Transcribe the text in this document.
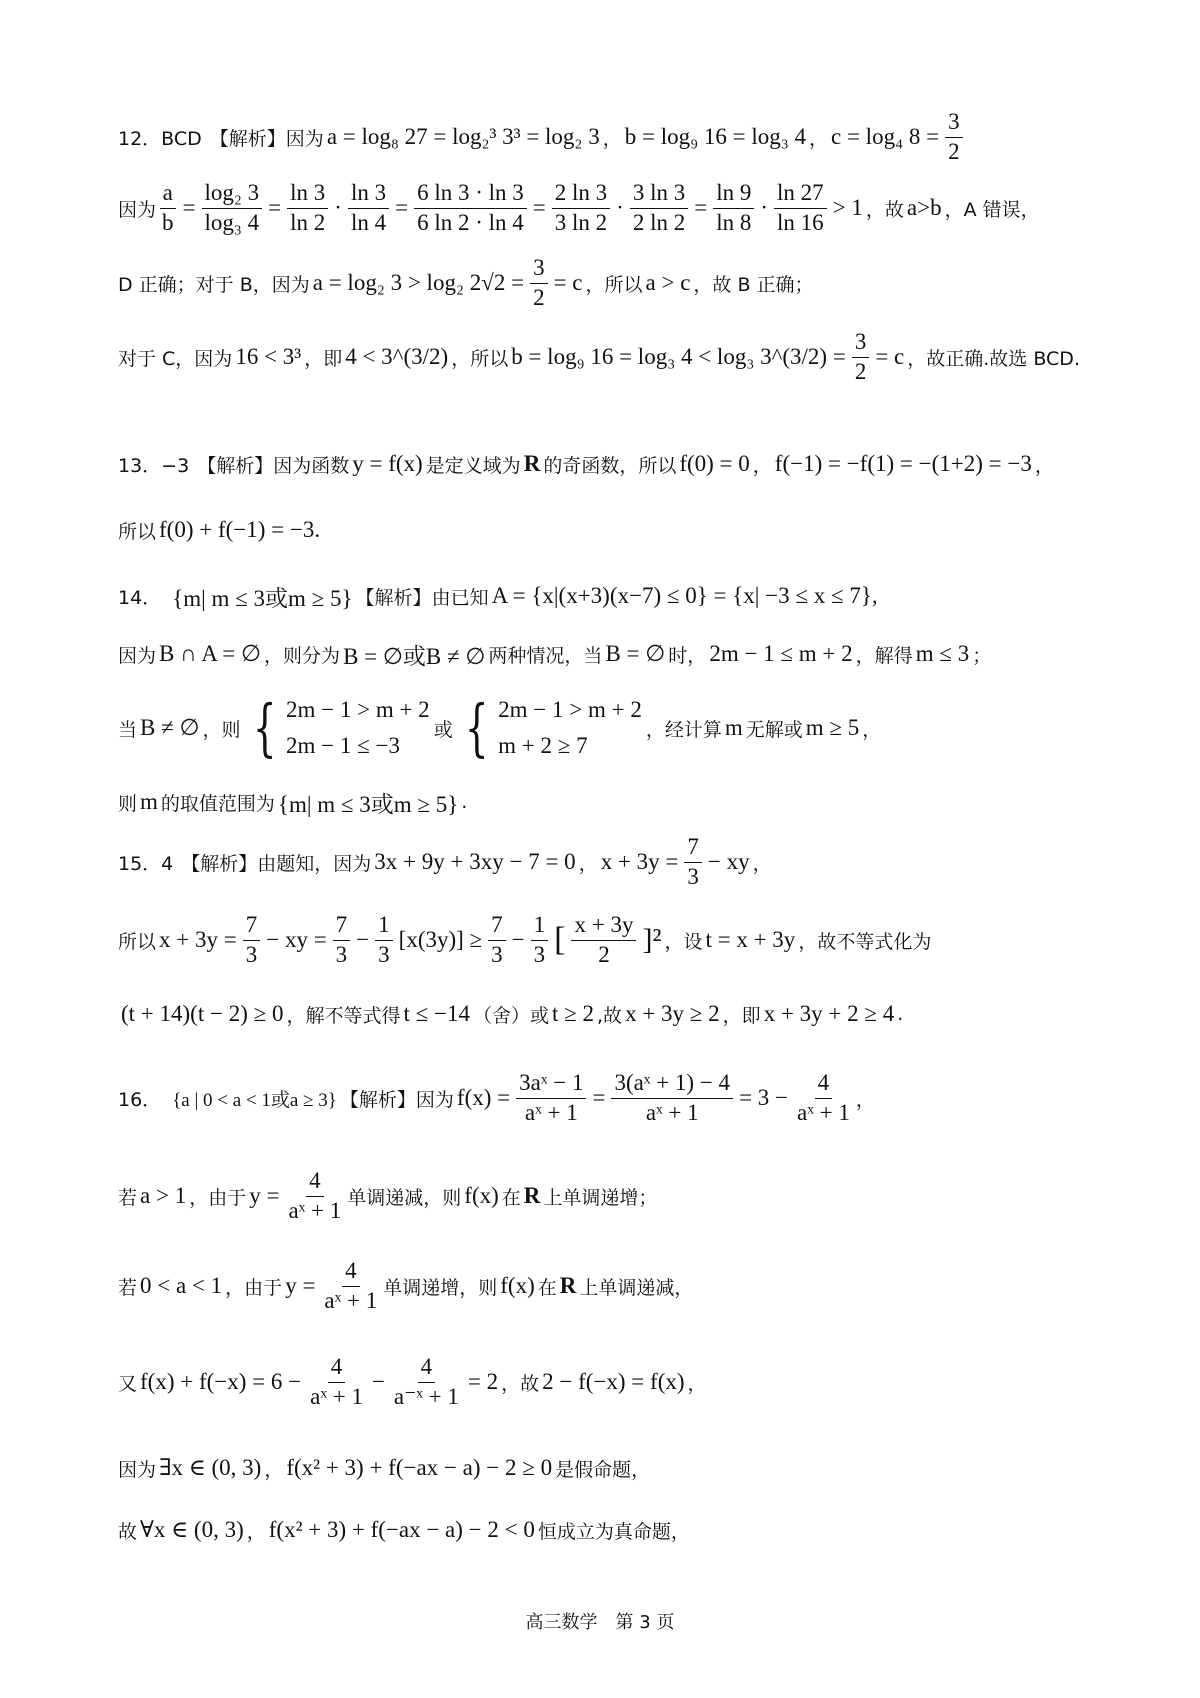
12．BCD 【解析】 因为 a = log₈ 27 = log₂³ 3³ = log₂ 3 ， b = log₉ 16 = log₃ 4 ， c = log₄ $8 = \frac{3}{2}$
因为 $\frac{a}{b} = \frac{\text{log₂ 3}}{\text{log₃ 4}} = \frac{\ln 3}{\ln 2} \cdot \frac{\ln 3}{\ln 4} = \frac{6 \ln 3 \cdot \ln 3}{6 \ln 2 \cdot \ln 4} = \frac{2 \ln 3}{3 \ln 2} \cdot \frac{3 \ln 3}{2 \ln 2} = \frac{\ln 9}{\ln 8} \cdot \frac{\ln 27}{\ln 16} > 1$ ，故 a>b ，A 错误，
D 正确；对于 B，因为 a = log₂ 3 > log₂ $2√2 = \frac{3}{2} = c$ ，所以 a > c ，故 B 正确；
对于 C，因为 16 < 3³ ，即 4 < 3^(3/2) ，所以 b = log₉ 16 = log₃ 4 < log₃ 3^(3/2) = $\frac{3}{2} = c$ ，故正确.故选 BCD.
13．−3 【解析】 因为函数 y = f(x) 是定义域为 R 的奇函数，所以 f(0) = 0 ， f(−1) = −f(1) = −(1+2) = −3 ，
所以 f(0) + f(−1) = −3.
14． {m| m ≤ 3或m ≥ 5} 【解析】 由已知 A = {x|(x+3)(x−7) ≤ 0} = {x| −3 ≤ x ≤ 7},
因为 B ∩ A = ∅ ，则分为 B = ∅或B ≠ ∅ 两种情况，当 B = ∅ 时， 2m − 1 ≤ m + 2 ，解得 m ≤ 3 ；
当 B ≠ ∅ ，则 { 2m − 1 > m + 2
2m − 1 ≤ −3
或 { 2m − 1 > m + 2
m + 2 ≥ 7
，经计算 m 无解或 m ≥ 5 ，
则 m 的取值范围为 {m| m ≤ 3或m ≥ 5} .
15．4 【解析】 由题知，因为 3x + 9y + 3xy − 7 = 0 ， $x + 3y = \frac{7}{3}$ − xy ，
所以 $x + 3y = \frac{7}{3}$ − xy = $\frac{7}{3} - \frac{1}{3} [x(3y)] \ge \frac{7}{3} - \frac{1}{3}$ [ $\frac{x + 3y}{2} ]^2$ ，设 t = x + 3y ，故不等式化为
(t + 14)(t − 2) ≥ 0 ，解不等式得 t ≤ −14 （舍）或 t ≥ 2 ,故 x + 3y ≥ 2 ，即 x + 3y + 2 ≥ 4 .
16． {a | 0 < a < 1或a ≥ 3} 【解析】 因为 $f(x) = \frac{\text{3aˣ − 1}}{\text{aˣ + 1}} = \frac{\text{3(aˣ + 1) − 4}}{\text{aˣ + 1}} = 3 - \frac{4}{\text{aˣ + 1}}$ ，
若 a > 1 ，由于 $y = \frac{4}{\text{aˣ + 1}}$ 单调递减，则 f(x) 在 R 上单调递增；
若 0 < a < 1 ，由于 $y = \frac{4}{\text{aˣ + 1}}$ 单调递增，则 f(x) 在 R 上单调递减，
又 $f(x) + f(-x) = 6 - \frac{4}{\text{aˣ + 1}} - \frac{4}{\text{a⁻ˣ + 1}} = 2$ ，故 2 − f(−x) = f(x) ，
因为 ∃x ∈ (0, 3) ， f(x² + 3) + f(−ax − a) − 2 ≥ 0 是假命题，
故 ∀x ∈ (0, 3) ， f(x² + 3) + f(−ax − a) − 2 < 0 恒成立为真命题，
高三数学　第 3 页
